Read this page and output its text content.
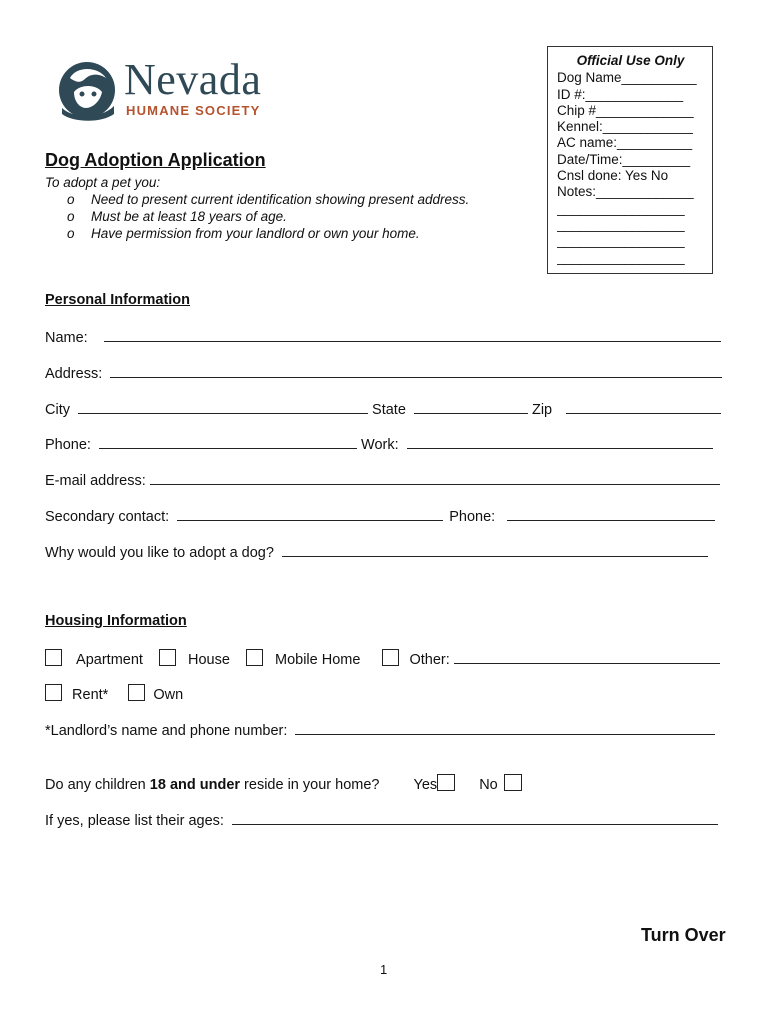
Nevada
HUMANE SOCIETY
Official Use Only
Dog Name__________
ID #:_____________
Chip #_____________
Kennel:____________
AC name:__________
Date/Time:_________
Cnsl done: Yes No
Notes:_____________
_________________
_________________
_________________
_________________
Dog Adoption Application
To adopt a pet you:
o Need to present current identification showing present address.
o Must be at least 18 years of age.
o Have permission from your landlord or own your home.
Personal Information
Name:
Address:
City	State	Zip
Phone:	Work:
E-mail address:
Secondary contact:	Phone:
Why would you like to adopt a dog?
Housing Information
Apartment	House	Mobile Home	Other:
Rent*	Own
*Landlord’s name and phone number:
Do any children 18 and under reside in your home? Yes	No
If yes, please list their ages:
Turn Over
1
